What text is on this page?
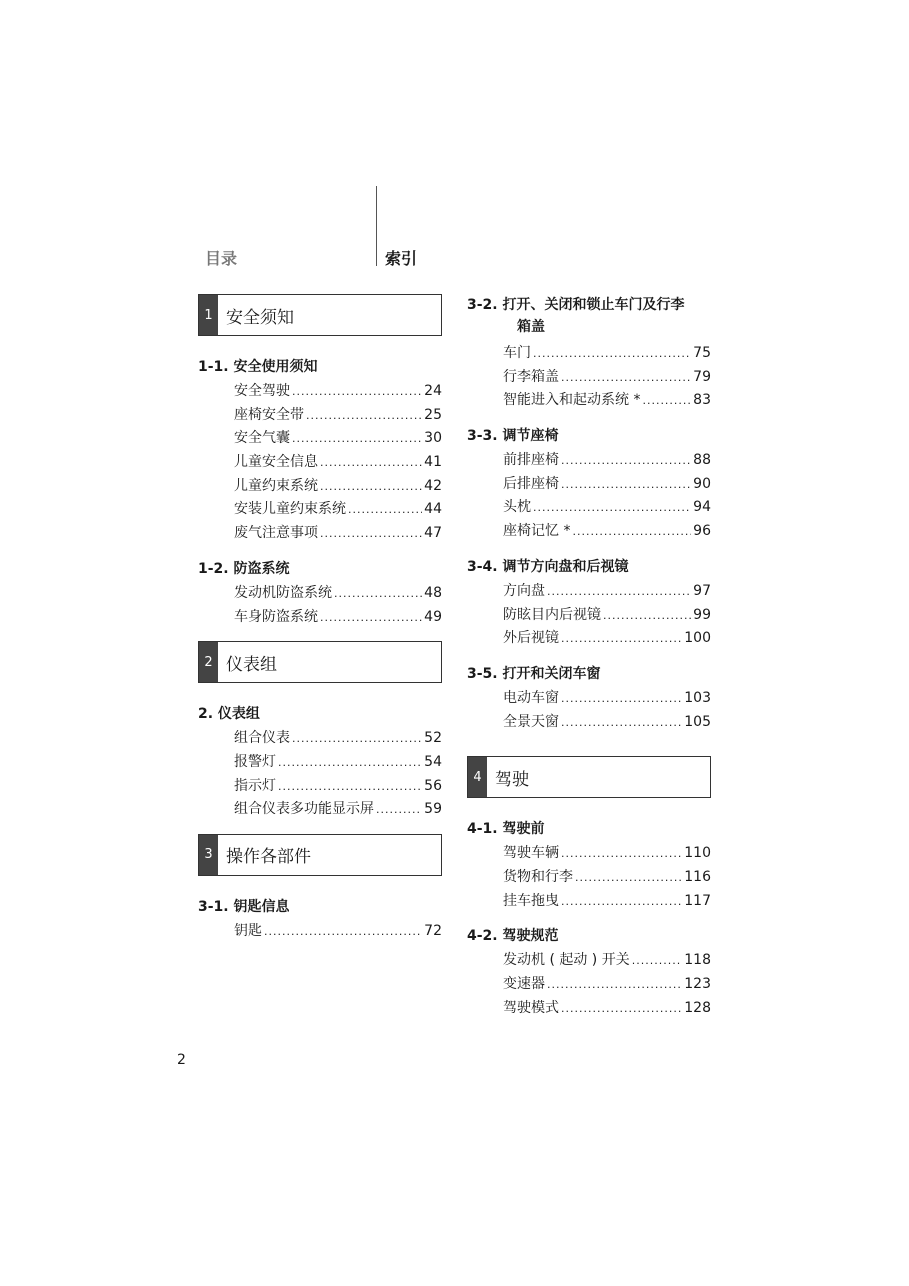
目录	索引
1 安全须知
1-1. 安全使用须知
安全驾驶 .....	24
座椅安全带 .....	25
安全气囊 .....	30
儿童安全信息 .....	41
儿童约束系统 .....	42
安装儿童约束系统 .....	44
废气注意事项 .....	47
1-2. 防盗系统
发动机防盗系统 .....	48
车身防盗系统 .....	49
2 仪表组
2. 仪表组
组合仪表 .....	52
报警灯 .....	54
指示灯 .....	56
组合仪表多功能显示屏 .....	59
3 操作各部件
3-1. 钥匙信息
钥匙 .....	72
3-2. 打开、关闭和锁止车门及行李
箱盖
车门 .....	75
行李箱盖 .....	79
智能进入和起动系统 * .....	83
3-3. 调节座椅
前排座椅 .....	88
后排座椅 .....	90
头枕 .....	94
座椅记忆 * .....	96
3-4. 调节方向盘和后视镜
方向盘 .....	97
防眩目内后视镜 .....	99
外后视镜 .....	100
3-5. 打开和关闭车窗
电动车窗 .....	103
全景天窗 .....	105
4 驾驶
4-1. 驾驶前
驾驶车辆 .....	110
货物和行李 .....	116
挂车拖曳 .....	117
4-2. 驾驶规范
发动机 ( 起动 ) 开关 .....	118
变速器 .....	123
驾驶模式 .....	128
2
